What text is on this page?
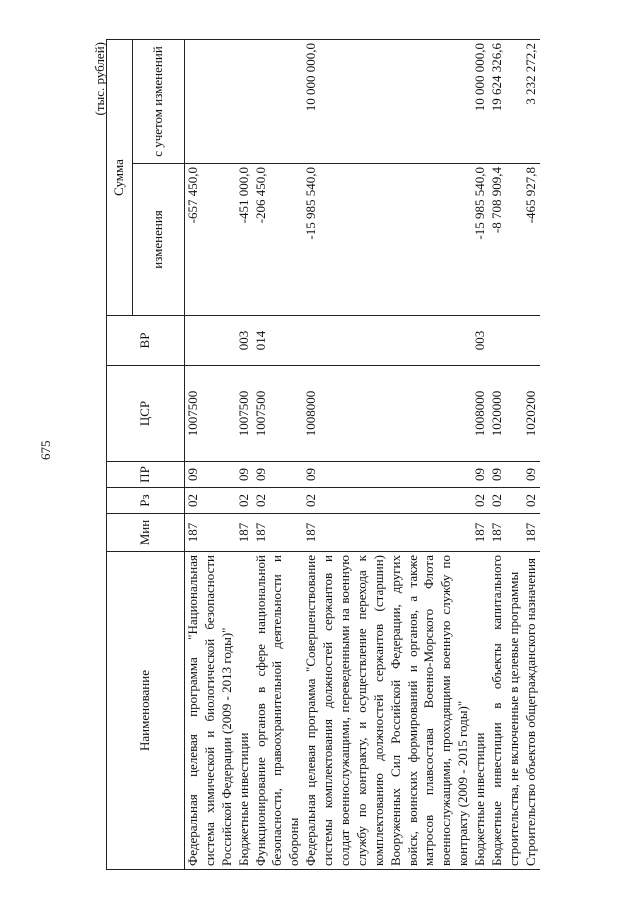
675
(тыс. рублей)
Наименование	Мин	Рз	ПР	ЦСР	ВР	Сумма	
						изменения	с учетом изменений
Федеральная целевая программа "Национальная система химической и биологической безопасности Российской Федерации (2009 - 2013 годы)"	187	02	09	1007500		-657 450,0	
Бюджетные инвестиции	187	02	09	1007500	003	-451 000,0	
Функционирование органов в сфере национальной безопасности, правоохранительной деятельности и обороны	187	02	09	1007500	014	-206 450,0	
Федеральная целевая программа "Совершенствование системы комплектования должностей сержантов и солдат военнослужащими, переведенными на военную службу по контракту, и осуществление перехода к комплектованию должностей сержантов (старшин) Вооруженных Сил Российской Федерации, других войск, воинских формирований и органов, а также матросов плавсостава Военно-Морского Флота военнослужащими, проходящими военную службу по контракту (2009 - 2015 годы)"	187	02	09	1008000		-15 985 540,0	10 000 000,0
Бюджетные инвестиции	187	02	09	1008000	003	-15 985 540,0	10 000 000,0
Бюджетные инвестиции в объекты капитального строительства, не включенные в целевые программы	187	02	09	1020000		-8 708 909,4	19 624 326,6
Строительство объектов общегражданского назначения	187	02	09	1020200		-465 927,8	3 232 272,2
